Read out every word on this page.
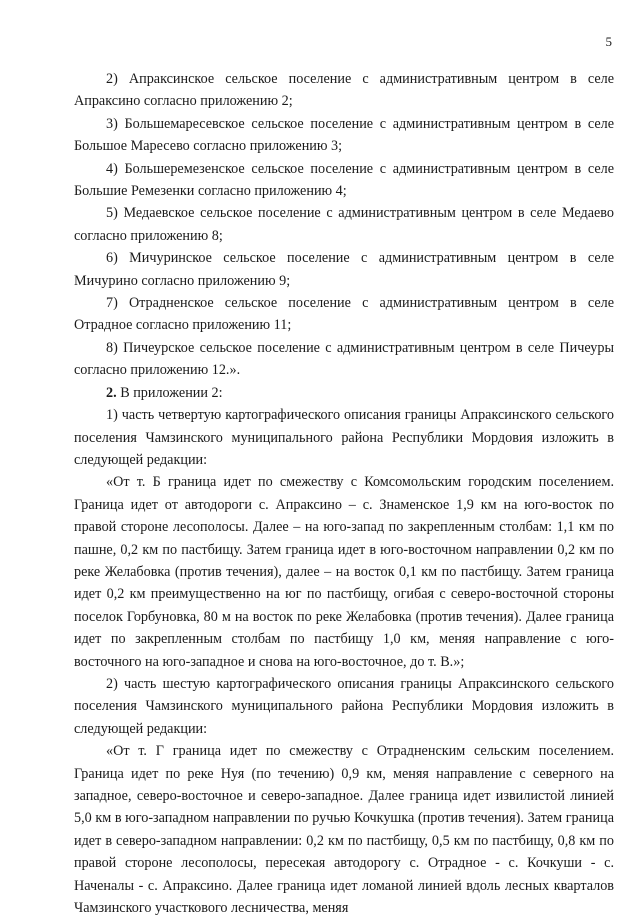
5

2) Апраксинское сельское поселение с административным центром в селе Апраксино согласно приложению 2;

3) Большемаресевское сельское поселение с административным центром в селе Большое Маресево согласно приложению 3;

4) Большеремезенское сельское поселение с административным центром в селе Большие Ремезенки согласно приложению 4;

5) Медаевское сельское поселение с административным центром в селе Медаево согласно приложению 8;

6) Мичуринское сельское поселение с административным центром в селе Мичурино согласно приложению 9;

7) Отрадненское сельское поселение с административным центром в селе Отрадное согласно приложению 11;

8) Пичеурское сельское поселение с административным центром в селе Пичеуры согласно приложению 12.».

2. В приложении 2:

1) часть четвертую картографического описания границы Апраксинского сельского поселения Чамзинского муниципального района Республики Мордовия изложить в следующей редакции:

«От т. Б граница идет по смежеству с Комсомольским городским поселением. Граница идет от автодороги с. Апраксино – с. Знаменское 1,9 км на юго-восток по правой стороне лесополосы. Далее – на юго-запад по закрепленным столбам: 1,1 км по пашне, 0,2 км по пастбищу. Затем граница идет в юго-восточном направлении 0,2 км по реке Желабовка (против течения), далее – на восток 0,1 км по пастбищу. Затем граница идет 0,2 км преимущественно на юг по пастбищу, огибая с северо-восточной стороны поселок Горбуновка, 80 м на восток по реке Желабовка (против течения). Далее граница идет по закрепленным столбам по пастбищу 1,0 км, меняя направление с юго-восточного на юго-западное и снова на юго-восточное, до т. В.»;

2) часть шестую картографического описания границы Апраксинского сельского поселения Чамзинского муниципального района Республики Мордовия изложить в следующей редакции:

«От т. Г граница идет по смежеству с Отрадненским сельским поселением. Граница идет по реке Нуя (по течению) 0,9 км, меняя направление с северного на западное, северо-восточное и северо-западное. Далее граница идет извилистой линией 5,0 км в юго-западном направлении по ручью Кочкушка (против течения). Затем граница идет в северо-западном направлении: 0,2 км по пастбищу, 0,5 км по пастбищу, 0,8 км по правой стороне лесополосы, пересекая автодорогу с. Отрадное - с. Кочкуши - с. Наченалы - с. Апраксино. Далее граница идет ломаной линией вдоль лесных кварталов Чамзинского участкового лесничества, меняя
